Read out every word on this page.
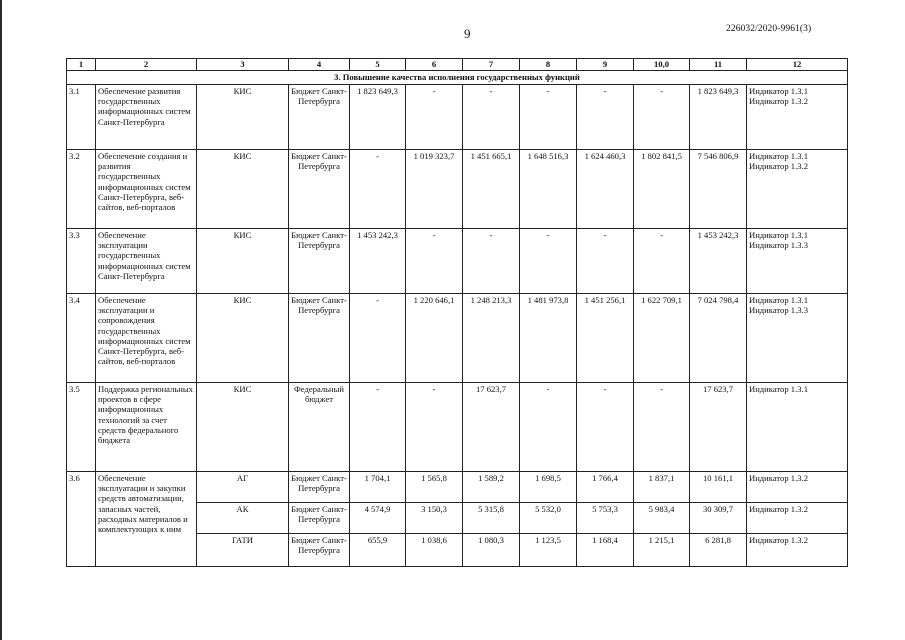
9	226032/2020-9961(3)
1	2	3	4	5	6	7	8	9	10,0	11	12
3. Повышение качества исполнения государственных функций											
3.1	Обеспечение развития государственных информационных систем Санкт-Петербурга	КИС	Бюджет Санкт-Петербурга	1 823 649,3	-	-	-	-	-	1 823 649,3	Индикатор 1.3.1
Индикатор 1.3.2
3.2	Обеспечение создания и развития государственных информационных систем Санкт-Петербурга, веб-сайтов, веб-порталов	КИС	Бюджет Санкт-Петербурга	-	1 019 323,7	1 451 665,1	1 648 516,3	1 624 460,3	1 802 841,5	7 546 806,9	Индикатор 1.3.1
Индикатор 1.3.2
3.3	Обеспечение эксплуатации государственных информационных систем Санкт-Петербурга	КИС	Бюджет Санкт-Петербурга	1 453 242,3	-	-	-	-	-	1 453 242,3	Индикатор 1.3.1
Индикатор 1.3.3
3.4	Обеспечение эксплуатации и сопровождения государственных информационных систем Санкт-Петербурга, веб-сайтов, веб-порталов	КИС	Бюджет Санкт-Петербурга	-	1 220 646,1	1 248 213,3	1 481 973,8	1 451 256,1	1 622 709,1	7 024 798,4	Индикатор 1.3.1
Индикатор 1.3.3
3.5	Поддержка региональных проектов в сфере информационных технологий за счет средств федерального бюджета	КИС	Федеральный бюджет	-	-	17 623,7	-	-	-	17 623,7	Индикатор 1.3.1
3.6	Обеспечение эксплуатации и закупки средств автоматизации, запасных частей, расходных материалов и комплектующих к ним	АГ	Бюджет Санкт-Петербурга	1 704,1	1 565,8	1 589,2	1 698,5	1 766,4	1 837,1	10 161,1	Индикатор 1.3.2
		АК	Бюджет Санкт-Петербурга	4 574,9	3 150,3	5 315,8	5 532,0	5 753,3	5 983,4	30 309,7	Индикатор 1.3.2
		ГАТИ	Бюджет Санкт-Петербурга	655,9	1 038,6	1 080,3	1 123,5	1 168,4	1 215,1	6 281,8	Индикатор 1.3.2
